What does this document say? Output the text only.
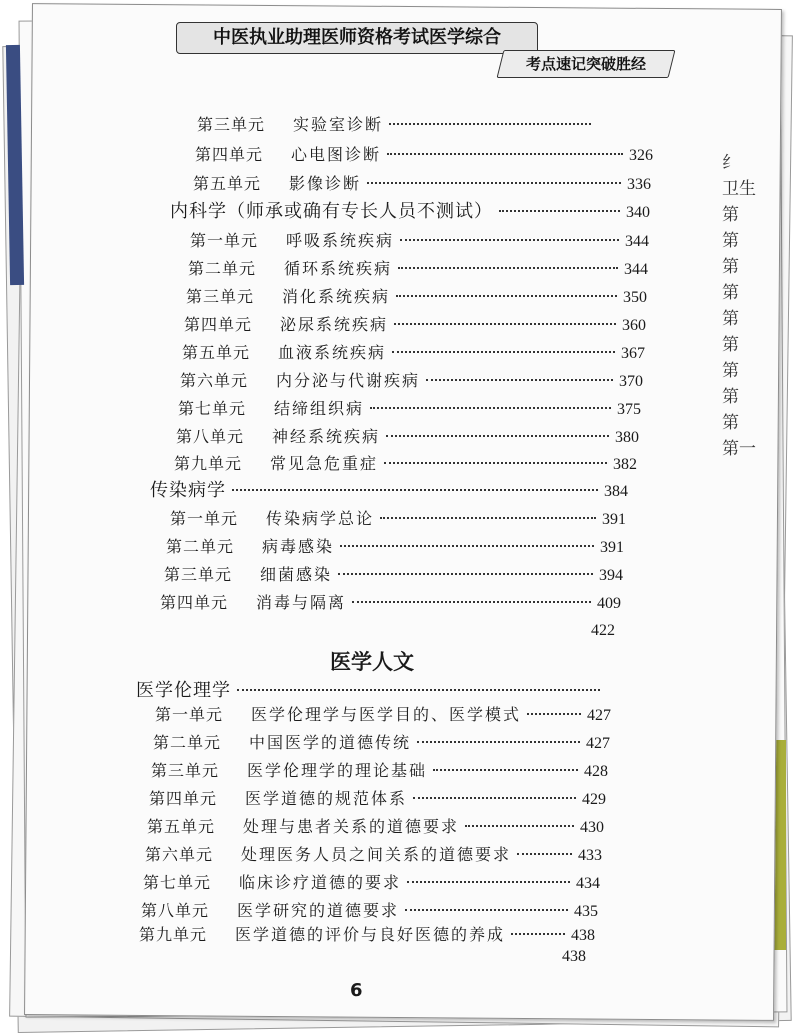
纟
卫生
第
第
第
第
第
第
第
第
第
第一
中医执业助理医师资格考试医学综合
考点速记突破胜经
第三单元	实验室诊断
第四单元	心电图诊断	326
第五单元	影像诊断	336
内科学（师承或确有专长人员不测试）	340
第一单元	呼吸系统疾病	344
第二单元	循环系统疾病	344
第三单元	消化系统疾病	350
第四单元	泌尿系统疾病	360
第五单元	血液系统疾病	367
第六单元	内分泌与代谢疾病	370
第七单元	结缔组织病	375
第八单元	神经系统疾病	380
第九单元	常见急危重症	382
传染病学	384
第一单元	传染病学总论	391
第二单元	病毒感染	391
第三单元	细菌感染	394
第四单元	消毒与隔离	409
422
医学人文
医学伦理学
第一单元	医学伦理学与医学目的、医学模式	427
第二单元	中国医学的道德传统	427
第三单元	医学伦理学的理论基础	428
第四单元	医学道德的规范体系	429
第五单元	处理与患者关系的道德要求	430
第六单元	处理医务人员之间关系的道德要求	433
第七单元	临床诊疗道德的要求	434
第八单元	医学研究的道德要求	435
第九单元	医学道德的评价与良好医德的养成	438
438
6
